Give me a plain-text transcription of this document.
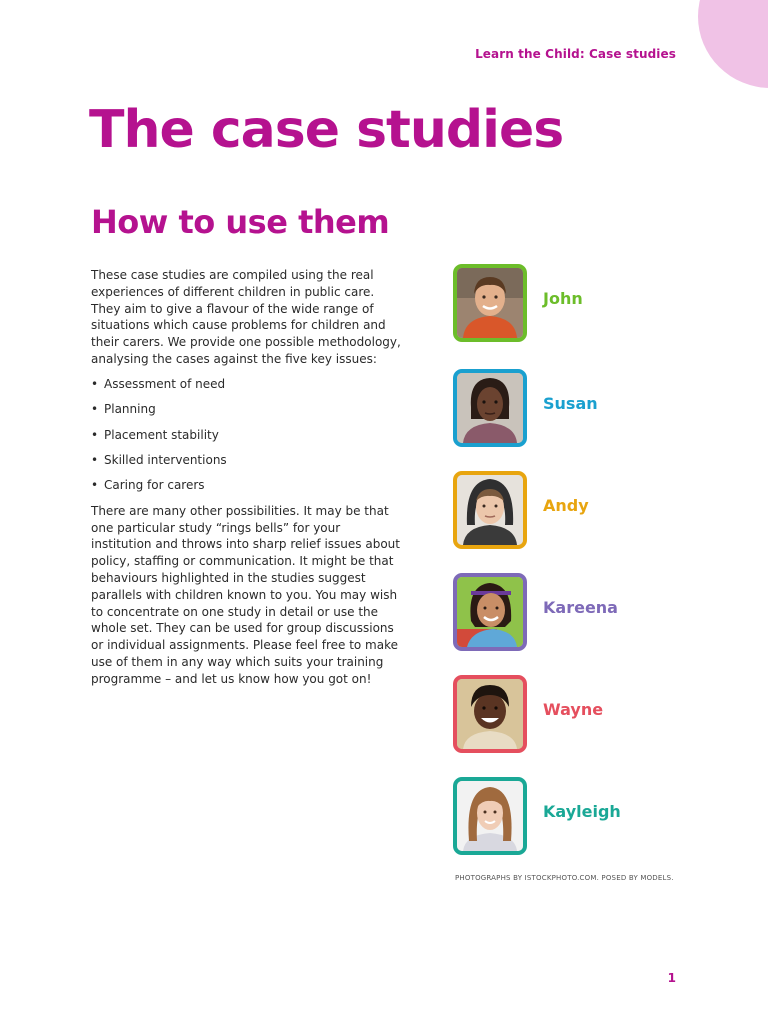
Learn the Child: Case studies
The case studies
How to use them

These case studies are compiled using the real experiences of different children in public care. They aim to give a flavour of the wide range of situations which cause problems for children and their carers. We provide one possible methodology, analysing the cases against the five key issues:

• Assessment of need
• Planning
• Placement stability
• Skilled interventions
• Caring for carers

There are many other possibilities. It may be that one particular study “rings bells” for your institution and throws into sharp relief issues about policy, staffing or communication. It might be that behaviours highlighted in the studies suggest parallels with children known to you. You may wish to concentrate on one study in detail or use the whole set. They can be used for group discussions or individual assignments. Please feel free to make use of them in any way which suits your training programme – and let us know how you got on!

John
Susan
Andy
Kareena
Wayne
Kayleigh
PHOTOGRAPHS BY ISTOCKPHOTO.COM. POSED BY MODELS.
1
